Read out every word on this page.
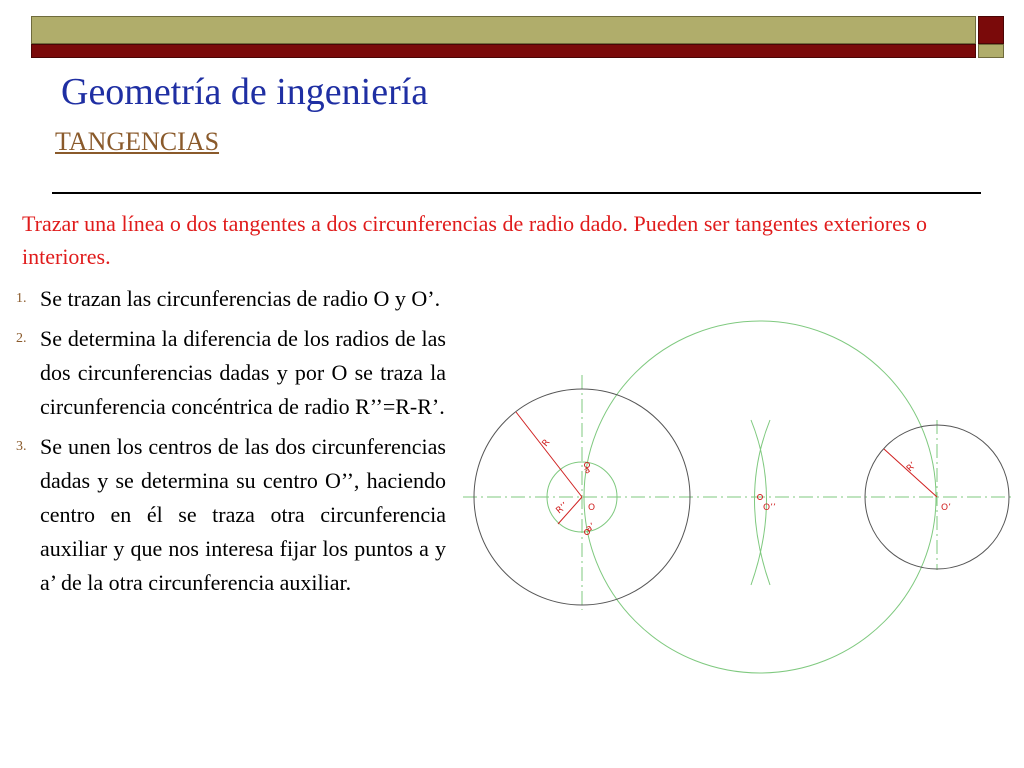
Geometría de ingeniería
TANGENCIAS

Trazar una línea o dos tangentes a dos circunferencias de radio dado. Pueden ser tangentes exteriores o interiores.

1. Se trazan las circunferencias de radio O y O’.
2. Se determina la diferencia de los radios de las dos circunferencias dadas y por O se traza la circunferencia concéntrica de radio R’’=R-R’.
3. Se unen los centros de las dos circunferencias dadas y se determina su centro O’’, haciendo centro en él se traza otra circunferencia auxiliar y que nos interesa fijar los puntos a y a’ de la otra circunferencia auxiliar.
O	O’
O’’
R
R’’
R’
a
a’
